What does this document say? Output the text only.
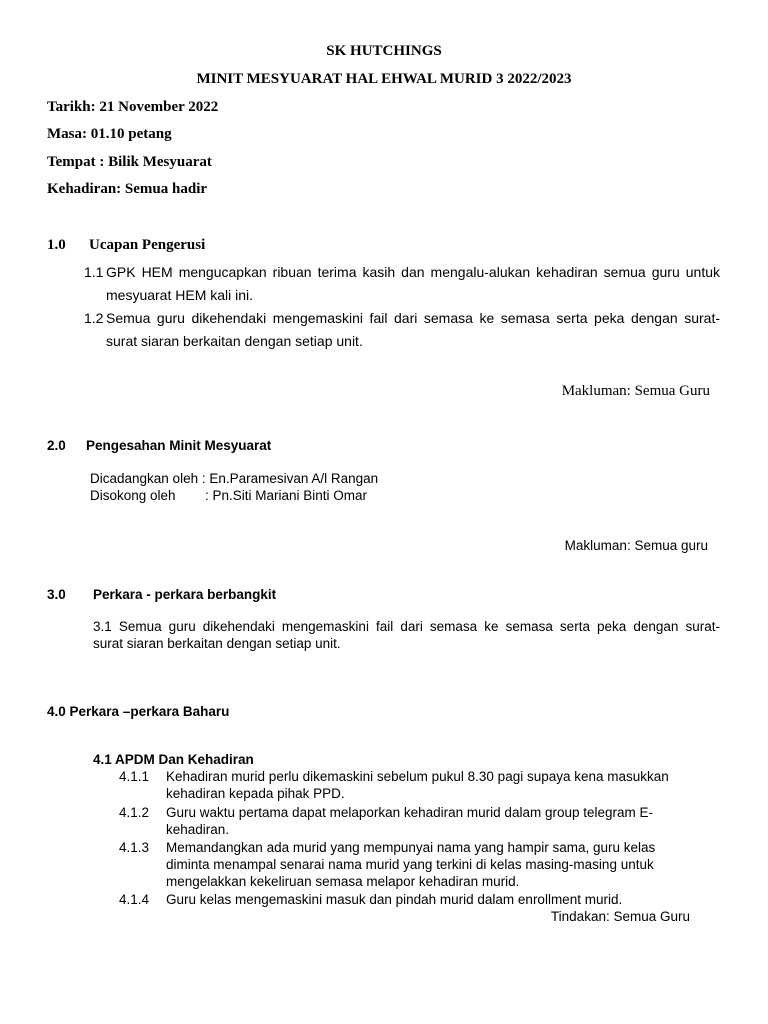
SK HUTCHINGS
MINIT MESYUARAT HAL EHWAL MURID 3 2022/2023
Tarikh: 21 November 2022
Masa: 01.10 petang
Tempat : Bilik Mesyuarat
Kehadiran: Semua hadir
1.0 Ucapan Pengerusi
1.1 GPK HEM mengucapkan ribuan terima kasih dan mengalu-alukan kehadiran semua guru untuk
mesyuarat HEM kali ini.
1.2 Semua guru dikehendaki mengemaskini fail dari semasa ke semasa serta peka dengan surat-
surat siaran berkaitan dengan setiap unit.
Makluman: Semua Guru
2.0 Pengesahan Minit Mesyuarat
Dicadangkan oleh : En.Paramesivan A/l Rangan
Disokong oleh : Pn.Siti Mariani Binti Omar
Makluman: Semua guru
3.0 Perkara - perkara berbangkit
3.1 Semua guru dikehendaki mengemaskini fail dari semasa ke semasa serta peka dengan surat-
surat siaran berkaitan dengan setiap unit.
4.0 Perkara –perkara Baharu
4.1 APDM Dan Kehadiran
4.1.1 Kehadiran murid perlu dikemaskini sebelum pukul 8.30 pagi supaya kena masukkan
kehadiran kepada pihak PPD.
4.1.2 Guru waktu pertama dapat melaporkan kehadiran murid dalam group telegram E-
kehadiran.
4.1.3 Memandangkan ada murid yang mempunyai nama yang hampir sama, guru kelas
diminta menampal senarai nama murid yang terkini di kelas masing-masing untuk
mengelakkan kekeliruan semasa melapor kehadiran murid.
4.1.4 Guru kelas mengemaskini masuk dan pindah murid dalam enrollment murid.
Tindakan: Semua Guru
